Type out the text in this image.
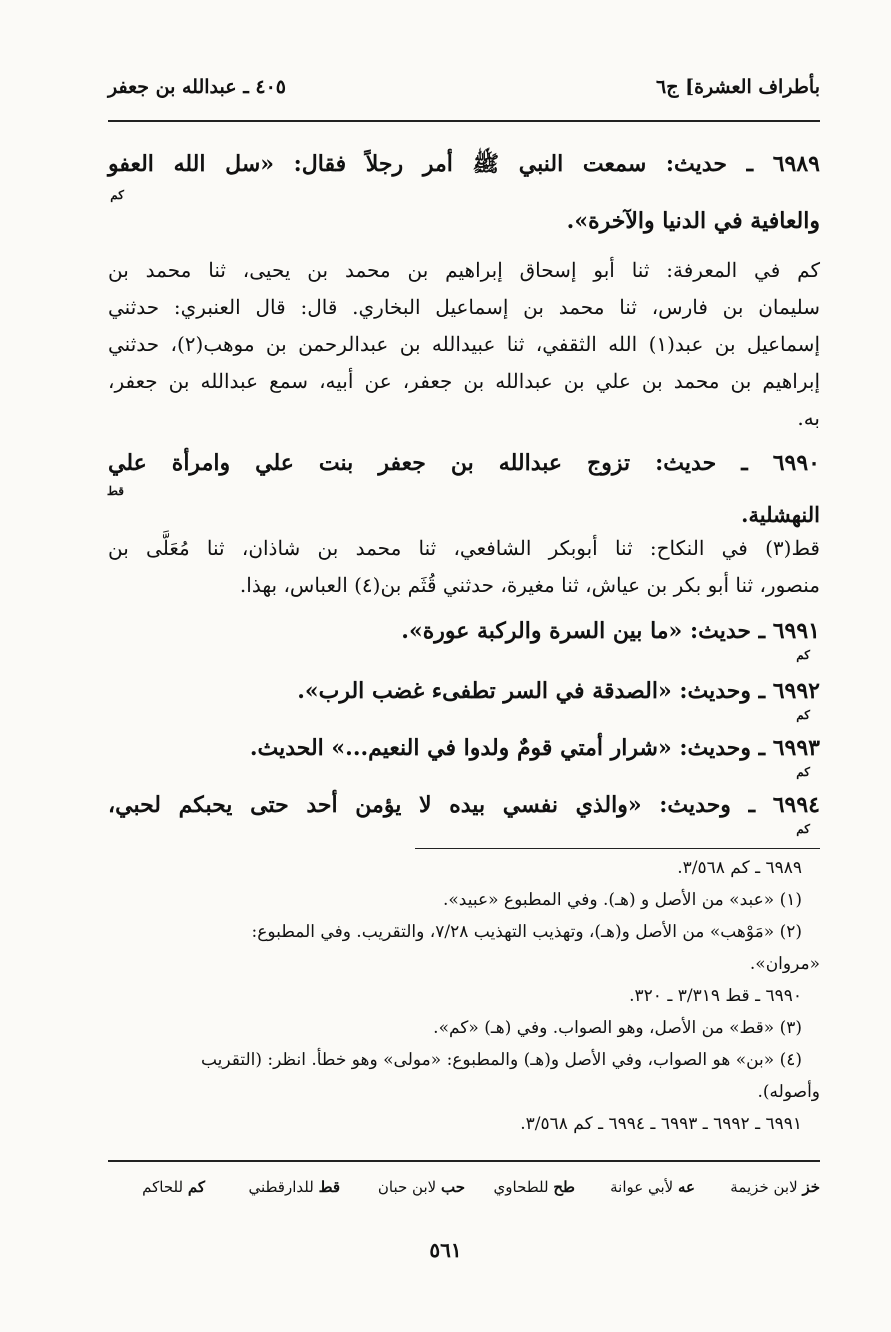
٤٠٥ ـ عبدالله بن جعفر	بأطراف العشرة] ج٦
٦٩٨٩ ـ حديث: سمعت النبي ﷺ أمر رجلاً فقال: «سل الله العفو
كم
والعافية في الدنيا والآخرة».
كم في المعرفة: ثنا أبو إسحاق إبراهيم بن محمد بن يحيى، ثنا محمد بن
سليمان بن فارس، ثنا محمد بن إسماعيل البخاري. قال: قال العنبري: حدثني
إسماعيل بن عبد(١) الله الثقفي، ثنا عبيدالله بن عبدالرحمن بن موهب(٢)، حدثني
إبراهيم بن محمد بن علي بن عبدالله بن جعفر، عن أبيه، سمع عبدالله بن جعفر،
به.
٦٩٩٠ ـ حديث: تزوج عبدالله بن جعفر بنت علي وامرأة علي
قط
النهشلية.
قط(٣) في النكاح: ثنا أبوبكر الشافعي، ثنا محمد بن شاذان، ثنا مُعَلَّى بن
منصور، ثنا أبو بكر بن عياش، ثنا مغيرة، حدثني قُثَم بن(٤) العباس، بهذا.
٦٩٩١ ـ حديث: «ما بين السرة والركبة عورة».
كم
٦٩٩٢ ـ وحديث: «الصدقة في السر تطفىء غضب الرب».
كم
٦٩٩٣ ـ وحديث: «شرار أمتي قومٌ ولدوا في النعيم...» الحديث.
كم
٦٩٩٤ ـ وحديث: «والذي نفسي بيده لا يؤمن أحد حتى يحبكم لحبي،
كم
٦٩٨٩ ـ كم ٣/٥٦٨.
(١) «عبد» من الأصل و (هـ). وفي المطبوع «عبيد».
(٢) «مَوْهب» من الأصل و(هـ)، وتهذيب التهذيب ٧/٢٨، والتقريب. وفي المطبوع:
«مروان».
٦٩٩٠ ـ قط ٣/٣١٩ ـ ٣٢٠.
(٣) «قط» من الأصل، وهو الصواب. وفي (هـ) «كم».
(٤) «بن» هو الصواب، وفي الأصل و(هـ) والمطبوع: «مولى» وهو خطأ. انظر: (التقريب
وأصوله).
٦٩٩١ ـ ٦٩٩٢ ـ ٦٩٩٣ ـ ٦٩٩٤ ـ كم ٣/٥٦٨.
خز لابن خزيمة
عه لأبي عوانة
طح للطحاوي
حب لابن حبان
قط للدارقطني
كم للحاكم
٥٦١
